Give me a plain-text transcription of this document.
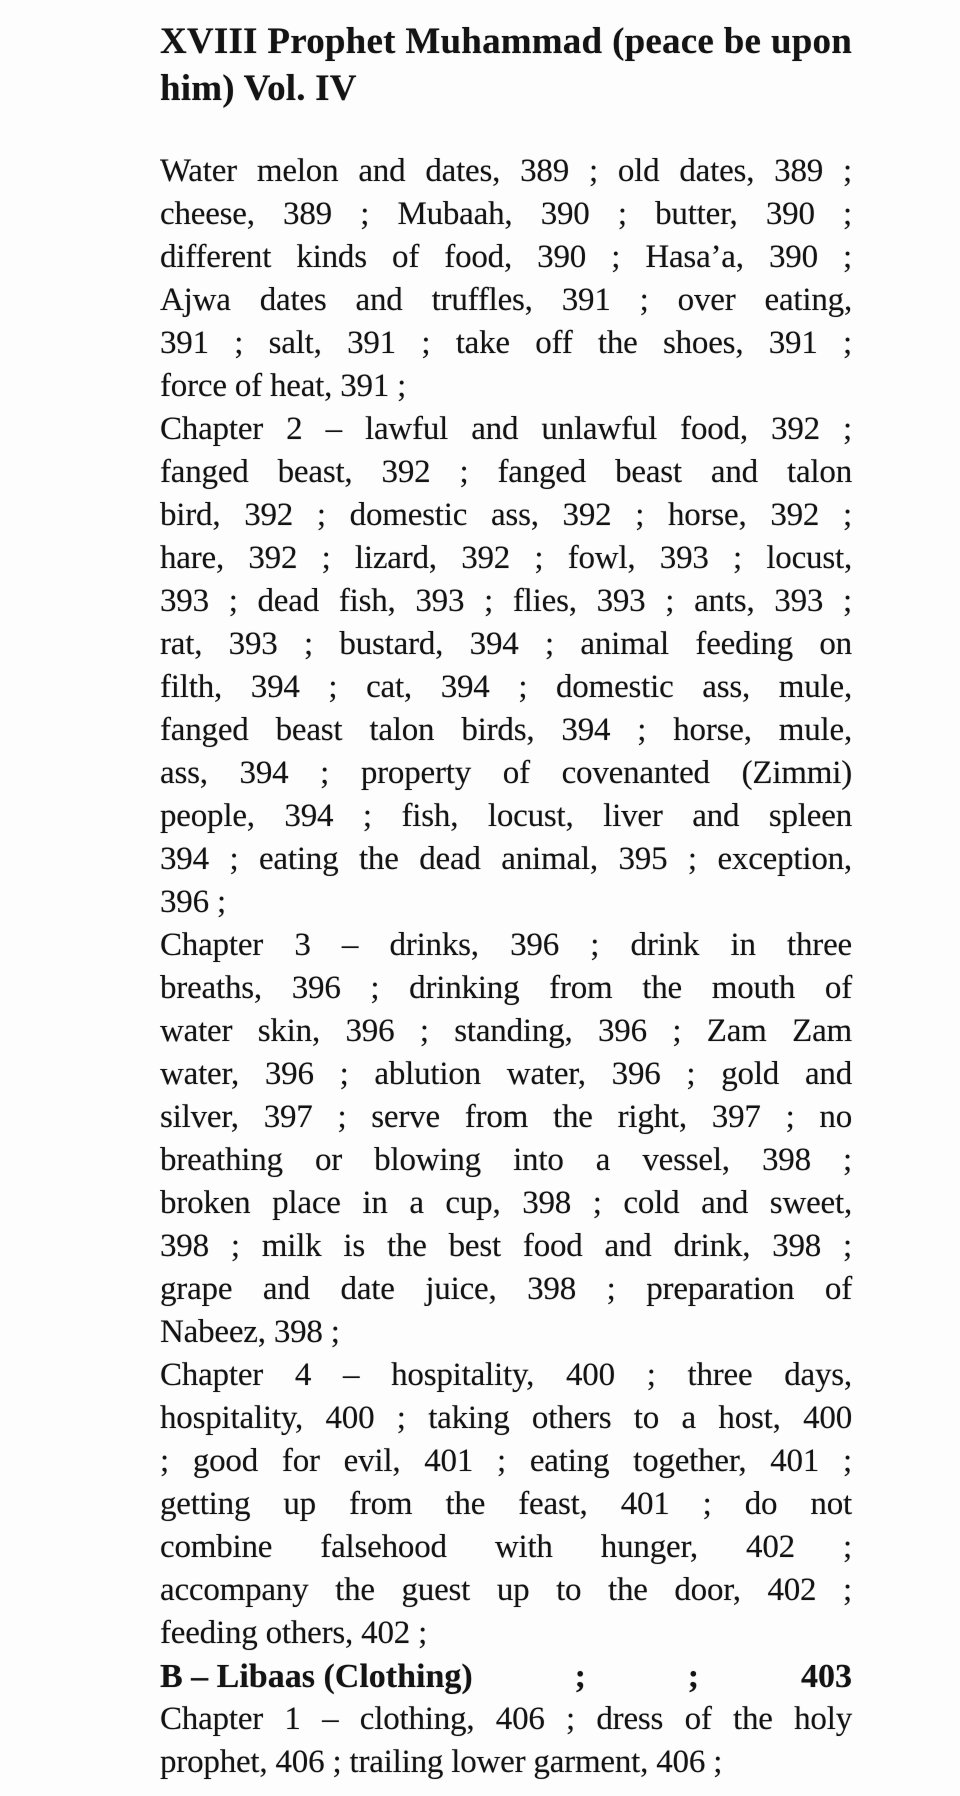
XVIII Prophet Muhammad (peace be upon
him) Vol. IV
Water melon and dates, 389 ; old dates, 389 ;
cheese, 389 ; Mubaah, 390 ; butter, 390 ;
different kinds of food, 390 ; Hasa’a, 390 ;
Ajwa dates and truffles, 391 ; over eating,
391 ; salt, 391 ; take off the shoes, 391 ;
force of heat, 391 ;
Chapter 2 – lawful and unlawful food, 392 ;
fanged beast, 392 ; fanged beast and talon
bird, 392 ; domestic ass, 392 ; horse, 392 ;
hare, 392 ; lizard, 392 ; fowl, 393 ; locust,
393 ; dead fish, 393 ; flies, 393 ; ants, 393 ;
rat, 393 ; bustard, 394 ; animal feeding on
filth, 394 ; cat, 394 ; domestic ass, mule,
fanged beast talon birds, 394 ; horse, mule,
ass, 394 ; property of covenanted (Zimmi)
people, 394 ; fish, locust, liver and spleen
394 ; eating the dead animal, 395 ; exception,
396 ;
Chapter 3 – drinks, 396 ; drink in three
breaths, 396 ; drinking from the mouth of
water skin, 396 ; standing, 396 ; Zam Zam
water, 396 ; ablution water, 396 ; gold and
silver, 397 ; serve from the right, 397 ; no
breathing or blowing into a vessel, 398 ;
broken place in a cup, 398 ; cold and sweet,
398 ; milk is the best food and drink, 398 ;
grape and date juice, 398 ; preparation of
Nabeez, 398 ;
Chapter 4 – hospitality, 400 ; three days,
hospitality, 400 ; taking others to a host, 400
; good for evil, 401 ; eating together, 401 ;
getting up from the feast, 401 ; do not
combine falsehood with hunger, 402 ;
accompany the guest up to the door, 402 ;
feeding others, 402 ;
B – Libaas (Clothing)	;	;	403
Chapter 1 – clothing, 406 ; dress of the holy
prophet, 406 ; trailing lower garment, 406 ;
